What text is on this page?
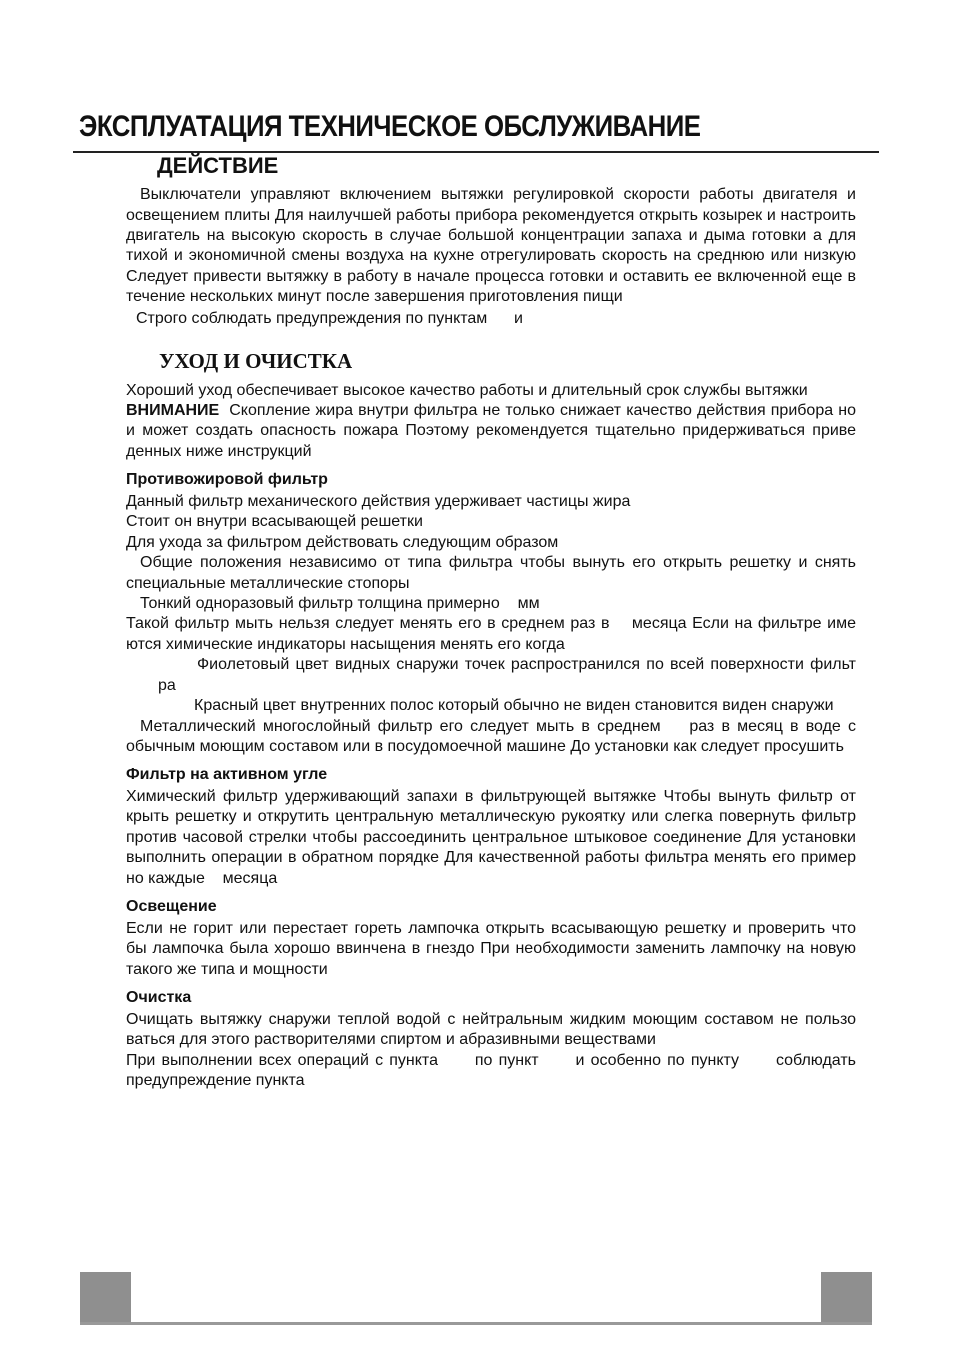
ЭКСПЛУАТАЦИЯ ТЕХНИЧЕСКОЕ ОБСЛУЖИВАНИЕ
ДЕЙСТВИЕ
Выключатели управляют включением вытяжки регулировкой скорости работы двигателя и
освещением плиты Для наилучшей работы прибора рекомендуется открыть козырек и настроить
двигатель на высокую скорость в случае большой концентрации запаха и дыма готовки а для
тихой и экономичной смены воздуха на кухне отрегулировать скорость на среднюю или низкую
Следует привести вытяжку в работу в начале процесса готовки и оставить ее включенной еще в
течение нескольких минут после завершения приготовления пищи
Строго соблюдать предупреждения по пунктам      и
УХОД И ОЧИСТКА
Хороший уход обеспечивает высокое качество работы и длительный срок службы вытяжки
ВНИМАНИЕ Скопление жира внутри фильтра не только снижает качество действия прибора но
и может создать опасность пожара Поэтому рекомендуется тщательно придерживаться приве
денных ниже инструкций
Противожировой фильтр
Данный фильтр механического действия удерживает частицы жира
Стоит он внутри всасывающей решетки
Для ухода за фильтром действовать следующим образом
Общие положения независимо от типа фильтра чтобы вынуть его открыть решетку и снять
специальные металлические стопоры
Тонкий одноразовый фильтр толщина примерно    мм
Такой фильтр мыть нельзя следует менять его в среднем раз в    месяца Если на фильтре име
ются химические индикаторы насыщения менять его когда
Фиолетовый цвет видных снаружи точек распространился по всей поверхности фильт
ра
Красный цвет внутренних полос который обычно не виден становится виден снаружи
Металлический многослойный фильтр его следует мыть в среднем    раз в месяц в воде с
обычным моющим составом или в посудомоечной машине До установки как следует просушить
Фильтр на активном угле
Химический фильтр удерживающий запахи в фильтрующей вытяжке Чтобы вынуть фильтр от
крыть решетку и открутить центральную металлическую рукоятку или слегка повернуть фильтр
против часовой стрелки чтобы рассоединить центральное штыковое соединение Для установки
выполнить операции в обратном порядке Для качественной работы фильтра менять его пример
но каждые    месяца
Освещение
Если не горит или перестает гореть лампочка открыть всасывающую решетку и проверить что
бы лампочка была хорошо ввинчена в гнездо При необходимости заменить лампочку на новую
такого же типа и мощности
Очистка
Очищать вытяжку снаружи теплой водой с нейтральным жидким моющим составом не пользо
ваться для этого растворителями спиртом и абразивными веществами
При выполнении всех операций с пункта      по пункт      и особенно по пункту      соблюдать
предупреждение пункта
